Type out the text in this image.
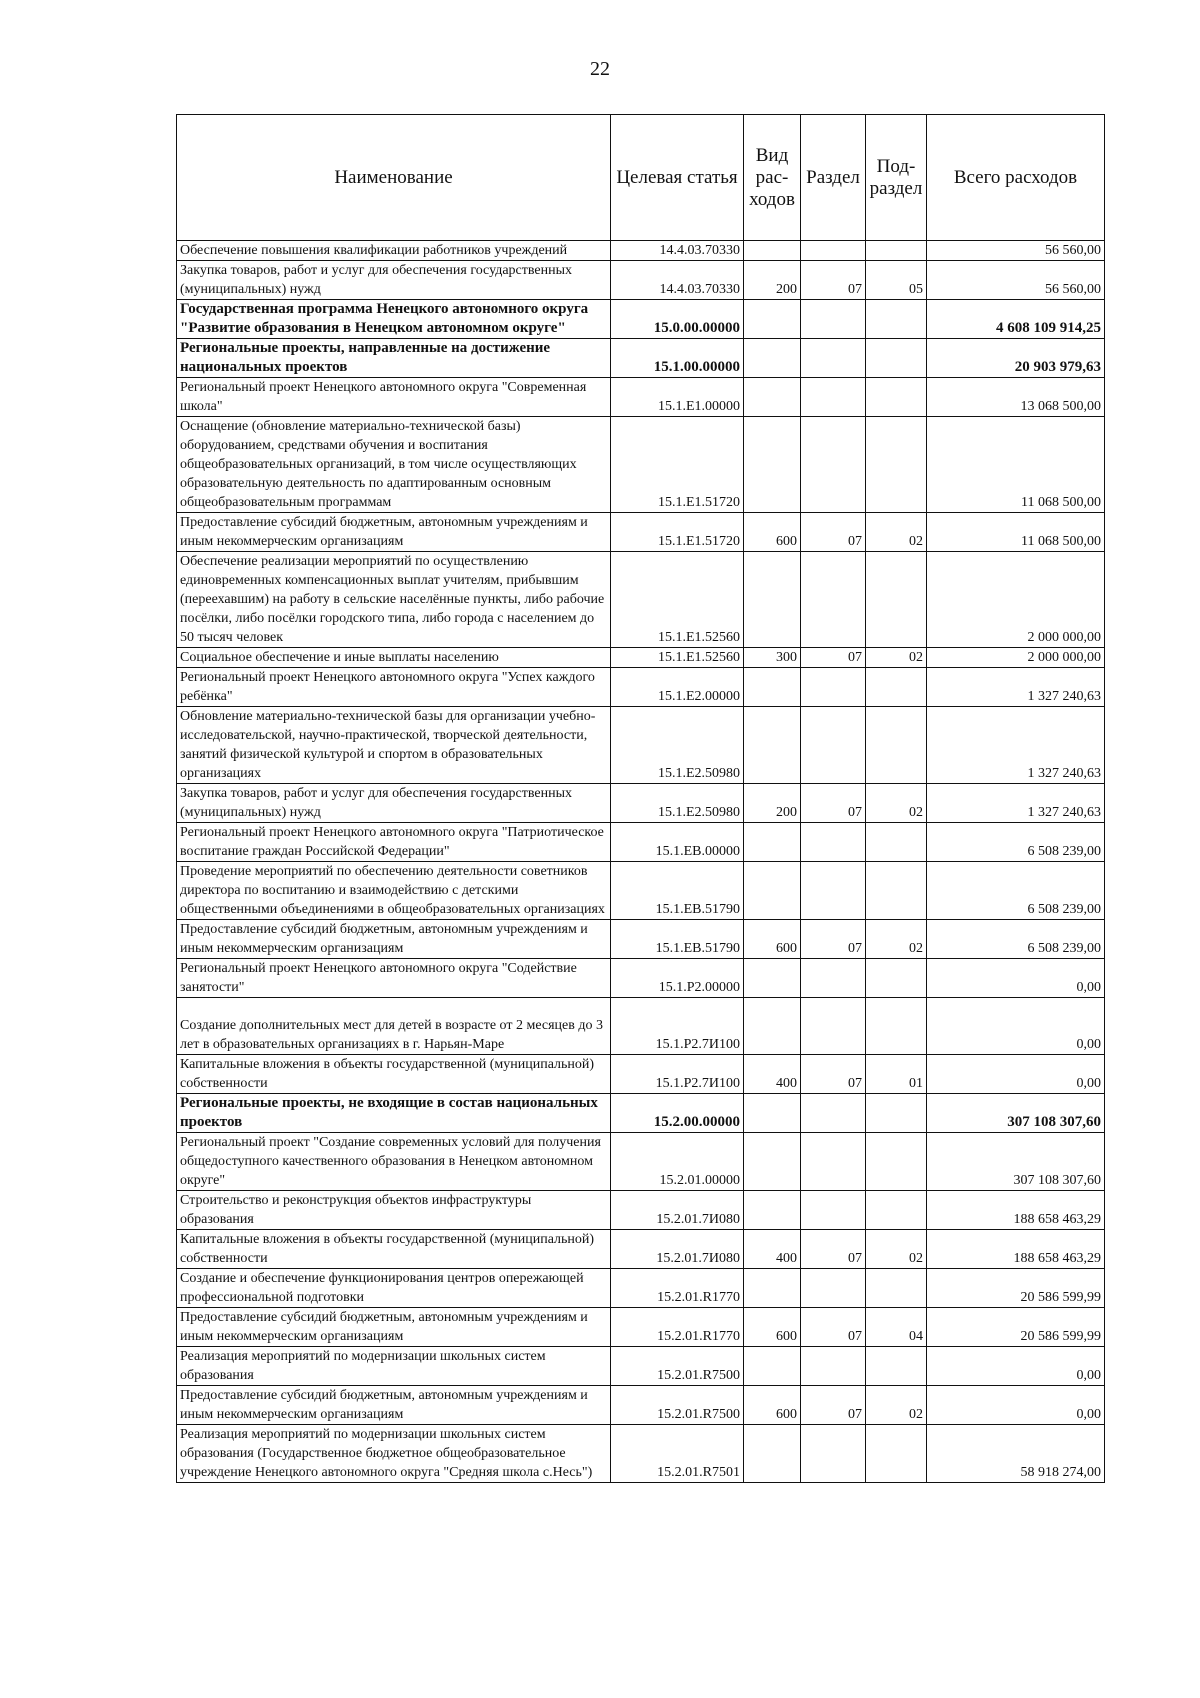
22
Наименование	Целевая статья	Вид рас-ходов	Раздел	Под-раздел	Всего расходов
Обеспечение повышения квалификации работников учреждений	14.4.03.70330				56 560,00
Закупка товаров, работ и услуг для обеспечения государственных (муниципальных) нужд	14.4.03.70330	200	07	05	56 560,00
Государственная программа Ненецкого автономного округа "Развитие образования в Ненецком автономном округе"	15.0.00.00000				4 608 109 914,25
Региональные проекты, направленные на достижение национальных проектов	15.1.00.00000				20 903 979,63
Региональный проект Ненецкого автономного округа "Современная школа"	15.1.Е1.00000				13 068 500,00
Оснащение (обновление материально-технической базы) оборудованием, средствами обучения и воспитания общеобразовательных организаций, в том числе осуществляющих образовательную деятельность по адаптированным основным общеобразовательным программам	15.1.Е1.51720				11 068 500,00
Предоставление субсидий бюджетным, автономным учреждениям и иным некоммерческим организациям	15.1.Е1.51720	600	07	02	11 068 500,00
Обеспечение реализации мероприятий по осуществлению единовременных компенсационных выплат учителям, прибывшим (переехавшим) на работу в сельские населённые пункты, либо рабочие посёлки, либо посёлки городского типа, либо города с населением до 50 тысяч человек	15.1.Е1.52560				2 000 000,00
Социальное обеспечение и иные выплаты населению	15.1.Е1.52560	300	07	02	2 000 000,00
Региональный проект Ненецкого автономного округа "Успех каждого ребёнка"	15.1.Е2.00000				1 327 240,63
Обновление материально-технической базы для организации учебно-исследовательской, научно-практической, творческой деятельности, занятий физической культурой и спортом в образовательных организациях	15.1.Е2.50980				1 327 240,63
Закупка товаров, работ и услуг для обеспечения государственных (муниципальных) нужд	15.1.Е2.50980	200	07	02	1 327 240,63
Региональный проект Ненецкого автономного округа "Патриотическое воспитание граждан Российской Федерации"	15.1.ЕВ.00000				6 508 239,00
Проведение мероприятий по обеспечению деятельности советников директора по воспитанию и взаимодействию с детскими общественными объединениями в общеобразовательных организациях	15.1.ЕВ.51790				6 508 239,00
Предоставление субсидий бюджетным, автономным учреждениям и иным некоммерческим организациям	15.1.ЕВ.51790	600	07	02	6 508 239,00
Региональный проект Ненецкого автономного округа "Содействие занятости"	15.1.Р2.00000				0,00
Создание дополнительных мест для детей в возрасте от 2 месяцев до 3 лет в образовательных организациях в г. Нарьян-Маре	15.1.Р2.7И100				0,00
Капитальные вложения в объекты государственной (муниципальной) собственности	15.1.Р2.7И100	400	07	01	0,00
Региональные проекты, не входящие в состав национальных проектов	15.2.00.00000				307 108 307,60
Региональный проект "Создание современных условий для получения общедоступного качественного образования в Ненецком автономном округе"	15.2.01.00000				307 108 307,60
Строительство и реконструкция объектов инфраструктуры образования	15.2.01.7И080				188 658 463,29
Капитальные вложения в объекты государственной (муниципальной) собственности	15.2.01.7И080	400	07	02	188 658 463,29
Создание и обеспечение функционирования центров опережающей профессиональной подготовки	15.2.01.R1770				20 586 599,99
Предоставление субсидий бюджетным, автономным учреждениям и иным некоммерческим организациям	15.2.01.R1770	600	07	04	20 586 599,99
Реализация мероприятий по модернизации школьных систем образования	15.2.01.R7500				0,00
Предоставление субсидий бюджетным, автономным учреждениям и иным некоммерческим организациям	15.2.01.R7500	600	07	02	0,00
Реализация мероприятий по модернизации школьных систем образования (Государственное бюджетное общеобразовательное учреждение Ненецкого автономного округа "Средняя школа с.Несь")	15.2.01.R7501				58 918 274,00
